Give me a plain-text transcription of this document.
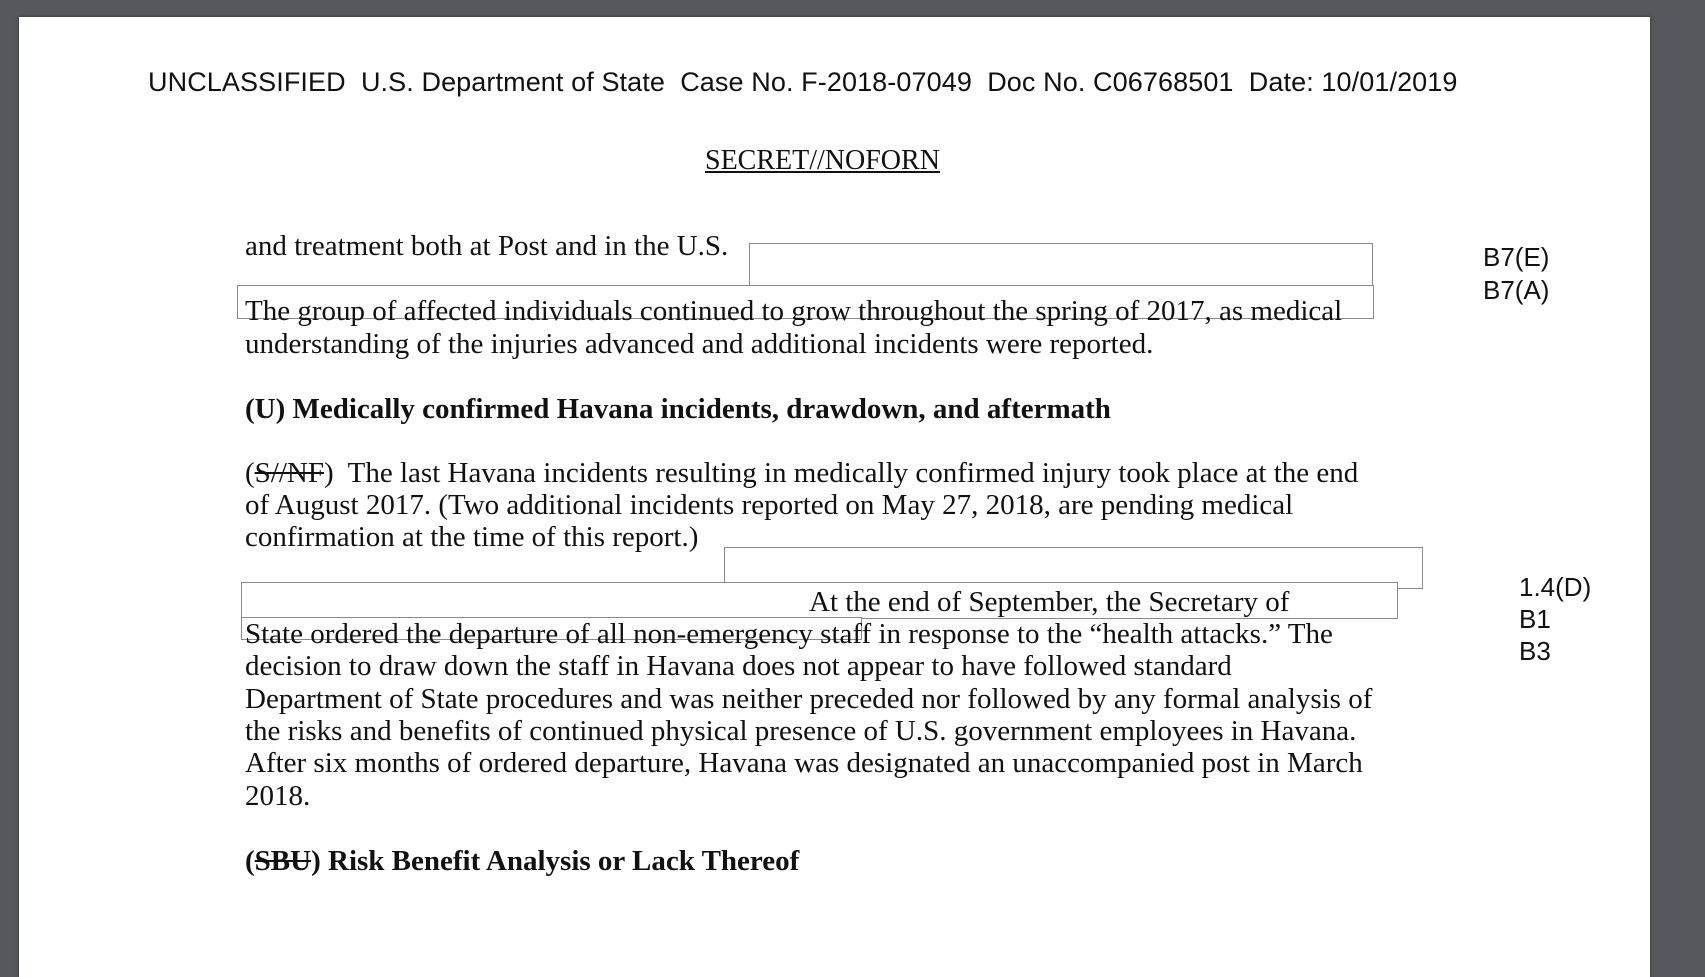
UNCLASSIFIED U.S. Department of State Case No. F-2018-07049 Doc No. C06768501 Date: 10/01/2019
SECRET//NOFORN
and treatment both at Post and in the U.S.	B7(E)
B7(A)
The group of affected individuals continued to grow throughout the spring of 2017, as medical
understanding of the injuries advanced and additional incidents were reported.
(U) Medically confirmed Havana incidents, drawdown, and aftermath
(S//NF)  The last Havana incidents resulting in medically confirmed injury took place at the end
of August 2017. (Two additional incidents reported on May 27, 2018, are pending medical
confirmation at the time of this report.)
At the end of September, the Secretary of
State ordered the departure of all non-emergency staff in response to the “health attacks.” The
decision to draw down the staff in Havana does not appear to have followed standard
Department of State procedures and was neither preceded nor followed by any formal analysis of
the risks and benefits of continued physical presence of U.S. government employees in Havana.
After six months of ordered departure, Havana was designated an unaccompanied post in March
2018.
1.4(D)
B1
B3
(SBU) Risk Benefit Analysis or Lack Thereof
